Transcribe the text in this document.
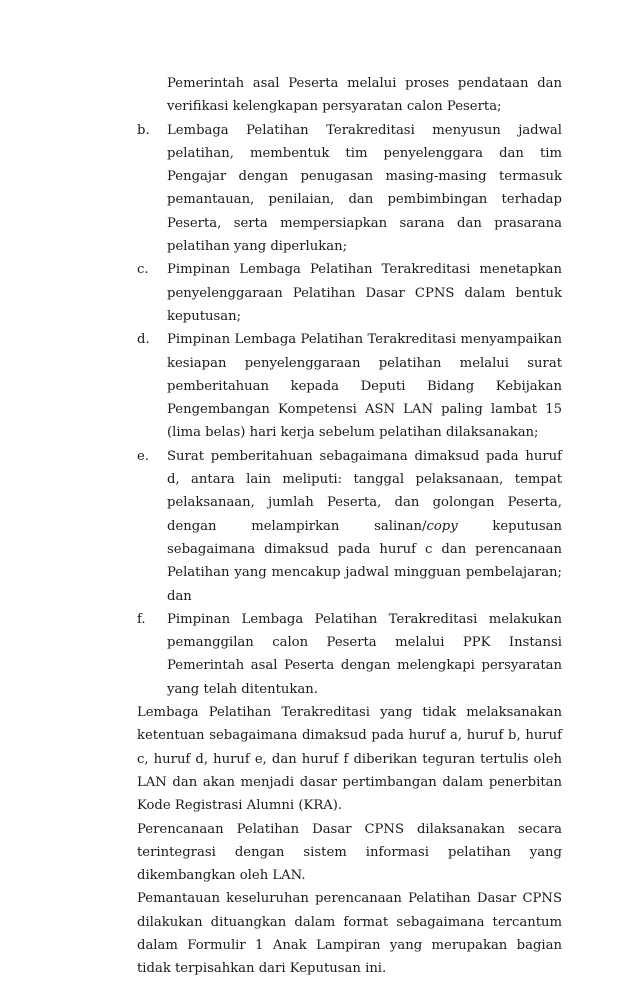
Pemerintah asal Peserta melalui proses pendataan dan verifikasi kelengkapan persyaratan calon Peserta;
b.	Lembaga Pelatihan Terakreditasi menyusun jadwal pelatihan, membentuk tim penyelenggara dan tim Pengajar dengan penugasan masing-masing termasuk pemantauan, penilaian, dan pembimbingan terhadap Peserta, serta mempersiapkan sarana dan prasarana pelatihan yang diperlukan;
c.	Pimpinan Lembaga Pelatihan Terakreditasi menetapkan penyelenggaraan Pelatihan Dasar CPNS dalam bentuk keputusan;
d.	Pimpinan Lembaga Pelatihan Terakreditasi menyampaikan kesiapan penyelenggaraan pelatihan melalui surat pemberitahuan kepada Deputi Bidang Kebijakan Pengembangan Kompetensi ASN LAN paling lambat 15 (lima belas) hari kerja sebelum pelatihan dilaksanakan;
e.	Surat pemberitahuan sebagaimana dimaksud pada huruf d, antara lain meliputi: tanggal pelaksanaan, tempat pelaksanaan, jumlah Peserta, dan golongan Peserta, dengan melampirkan salinan/copy keputusan sebagaimana dimaksud pada huruf c dan perencanaan Pelatihan yang mencakup jadwal mingguan pembelajaran; dan
f.	Pimpinan Lembaga Pelatihan Terakreditasi melakukan pemanggilan calon Peserta melalui PPK Instansi Pemerintah asal Peserta dengan melengkapi persyaratan yang telah ditentukan.
Lembaga Pelatihan Terakreditasi yang tidak melaksanakan ketentuan sebagaimana dimaksud pada huruf a, huruf b, huruf c, huruf d, huruf e, dan huruf f diberikan teguran tertulis oleh LAN dan akan menjadi dasar pertimbangan dalam penerbitan Kode Registrasi Alumni (KRA).
Perencanaan Pelatihan Dasar CPNS dilaksanakan secara terintegrasi dengan sistem informasi pelatihan yang dikembangkan oleh LAN.
Pemantauan keseluruhan perencanaan Pelatihan Dasar CPNS dilakukan dituangkan dalam format sebagaimana tercantum dalam Formulir 1 Anak Lampiran yang merupakan bagian tidak terpisahkan dari Keputusan ini.
